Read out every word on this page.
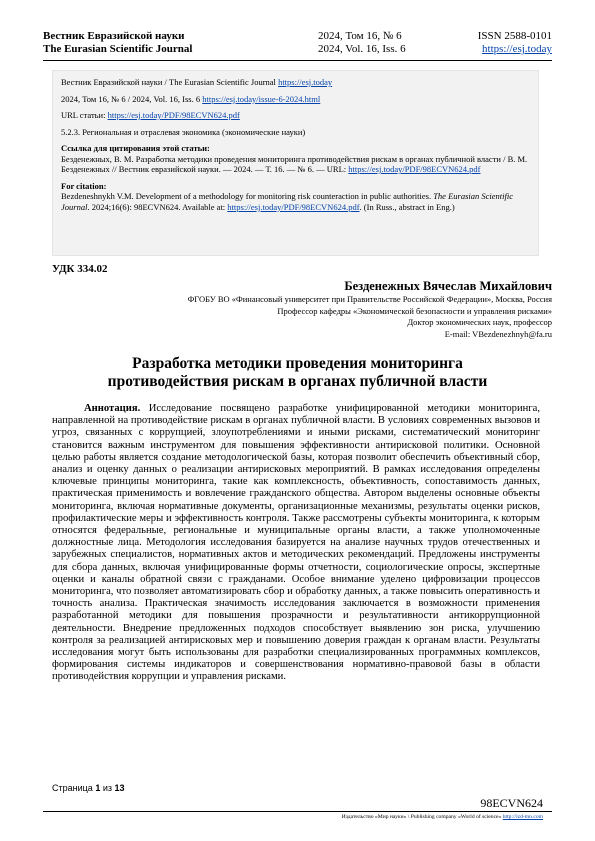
Вестник Евразийской науки
The Eurasian Scientific Journal
2024, Том 16, № 6
2024, Vol. 16, Iss. 6
ISSN 2588-0101
https://esj.today

Вестник Евразийской науки / The Eurasian Scientific Journal https://esj.today

2024, Том 16, № 6 / 2024, Vol. 16, Iss. 6 https://esj.today/issue-6-2024.html

URL статьи: https://esj.today/PDF/98ECVN624.pdf

5.2.3. Региональная и отраслевая экономика (экономические науки)

Ссылка для цитирования этой статьи:

Безденежных, В. М. Разработка методики проведения мониторинга противодействия рискам в органах публичной власти / В. М. Безденежных // Вестник евразийской науки. — 2024. — Т. 16. — № 6. — URL: https://esj.today/PDF/98ECVN624.pdf

For citation:

Bezdeneshnykh V.M. Development of a methodology for monitoring risk counteraction in public authorities. The Eurasian Scientific Journal. 2024;16(6): 98ECVN624. Available at: https://esj.today/PDF/98ECVN624.pdf. (In Russ., abstract in Eng.)

УДК 334.02
Безденежных Вячеслав Михайлович
ФГОБУ ВО «Финансовый университет при Правительстве Российской Федерации», Москва, Россия
Профессор кафедры «Экономической безопасности и управления рисками»
Доктор экономических наук, профессор
E-mail: VBezdenezhnyh@fa.ru
Разработка методики проведения мониторинга
противодействия рискам в органах публичной власти

Аннотация. Исследование посвящено разработке унифицированной методики мониторинга, направленной на противодействие рискам в органах публичной власти. В условиях современных вызовов и угроз, связанных с коррупцией, злоупотреблениями и иными рисками, систематический мониторинг становится важным инструментом для повышения эффективности антирисковой политики. Основной целью работы является создание методологической базы, которая позволит обеспечить объективный сбор, анализ и оценку данных о реализации антирисковых мероприятий. В рамках исследования определены ключевые принципы мониторинга, такие как комплексность, объективность, сопоставимость данных, практическая применимость и вовлечение гражданского общества. Автором выделены основные объекты мониторинга, включая нормативные документы, организационные механизмы, результаты оценки рисков, профилактические меры и эффективность контроля. Также рассмотрены субъекты мониторинга, к которым относятся федеральные, региональные и муниципальные органы власти, а также уполномоченные должностные лица. Методология исследования базируется на анализе научных трудов отечественных и зарубежных специалистов, нормативных актов и методических рекомендаций. Предложены инструменты для сбора данных, включая унифицированные формы отчетности, социологические опросы, экспертные оценки и каналы обратной связи с гражданами. Особое внимание уделено цифровизации процессов мониторинга, что позволяет автоматизировать сбор и обработку данных, а также повысить оперативность и точность анализа. Практическая значимость исследования заключается в возможности применения разработанной методики для повышения прозрачности и результативности антикоррупционной деятельности. Внедрение предложенных подходов способствует выявлению зон риска, улучшению контроля за реализацией антирисковых мер и повышению доверия граждан к органам власти. Результаты исследования могут быть использованы для разработки специализированных программных комплексов, формирования системы индикаторов и совершенствования нормативно-правовой базы в области противодействия коррупции и управления рисками.

Страница 1 из 13
98ECVN624
Издательство «Мир науки» \ Publishing company «World of science» http://izd-mn.com
